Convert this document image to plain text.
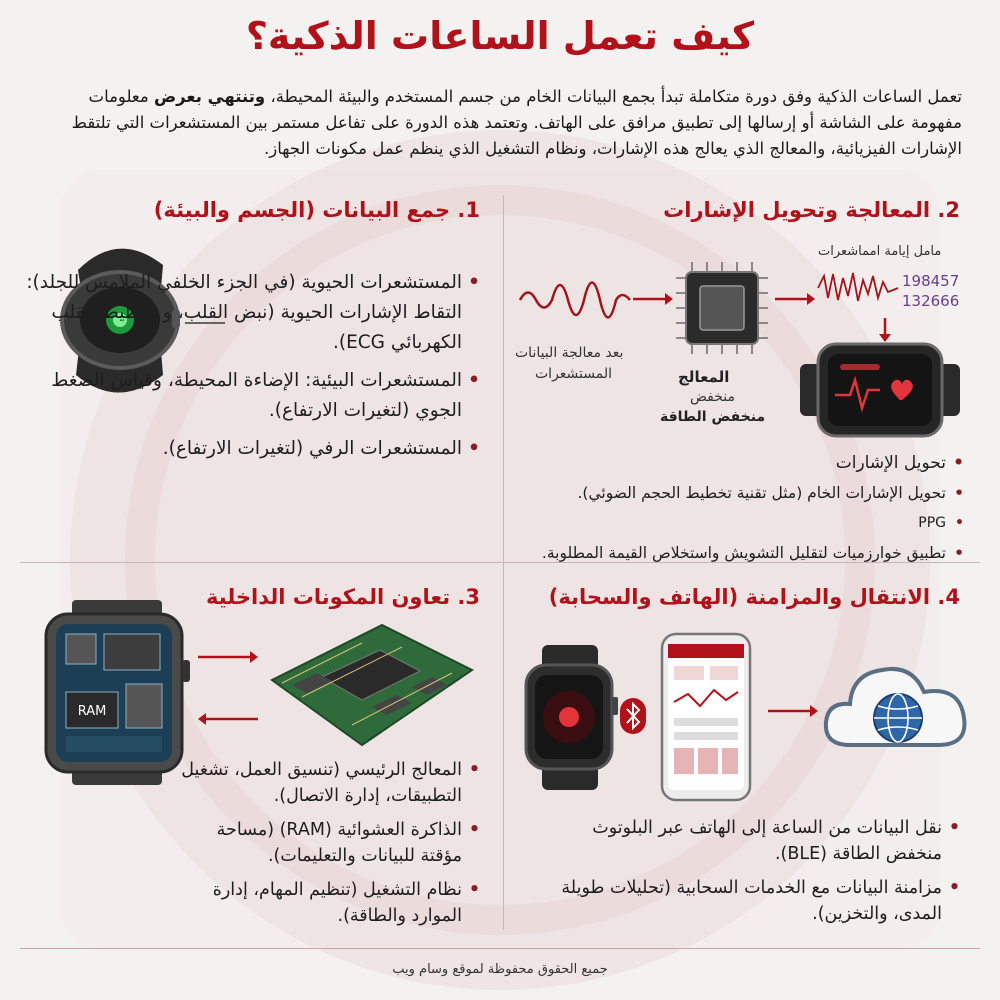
كيف تعمل الساعات الذكية؟

تعمل الساعات الذكية وفق دورة متكاملة تبدأ بجمع البيانات الخام من جسم المستخدم والبيئة المحيطة، وتنتهي بعرض معلومات مفهومة على الشاشة أو إرسالها إلى تطبيق مرافق على الهاتف. وتعتمد هذه الدورة على تفاعل مستمر بين المستشعرات التي تلتقط الإشارات الفيزيائية، والمعالج الذي يعالج هذه الإشارات، ونظام التشغيل الذي ينظم عمل مكونات الجهاز.

1. جمع البيانات (الجسم والبيئة)
• المستشعرات الحيوية (في الجزء الخلفي الملامس للجلد): التقاط الإشارات الحيوية (نبض القلب، و تخطيط القلب الكهربائي ECG).
• المستشعرات البيئية: الإضاءة المحيطة، وقياس الضغط الجوي (لتغيرات الارتفاع).
• المستشعرات الرفي (لتغيرات الارتفاع).
2. المعالجة وتحويل الإشارات
بعد معالجة البيانات
المستشعرات	المعالج
منخفض
منخفض الطاقة
مامل إيامة امماشعرات
198457
132666
• تحويل الإشارات
• تحويل الإشارات الخام (مثل تقنية تخطيط الحجم الضوئي).
• PPG
• تطبيق خوارزميات لتقليل التشويش واستخلاص القيمة المطلوبة.
3. تعاون المكونات الداخلية
RAM
• المعالج الرئيسي (تنسيق العمل، تشغيل التطبيقات، إدارة الاتصال).
• الذاكرة العشوائية (RAM) (مساحة مؤقتة للبيانات والتعليمات).
• نظام التشغيل (تنظيم المهام، إدارة الموارد والطاقة).
4. الانتقال والمزامنة (الهاتف والسحابة)
• نقل البيانات من الساعة إلى الهاتف عبر البلوتوث منخفض الطاقة (BLE).
• مزامنة البيانات مع الخدمات السحابية (تحليلات طويلة المدى، والتخزين).
جميع الحقوق محفوظة لموقع وسام ويب
